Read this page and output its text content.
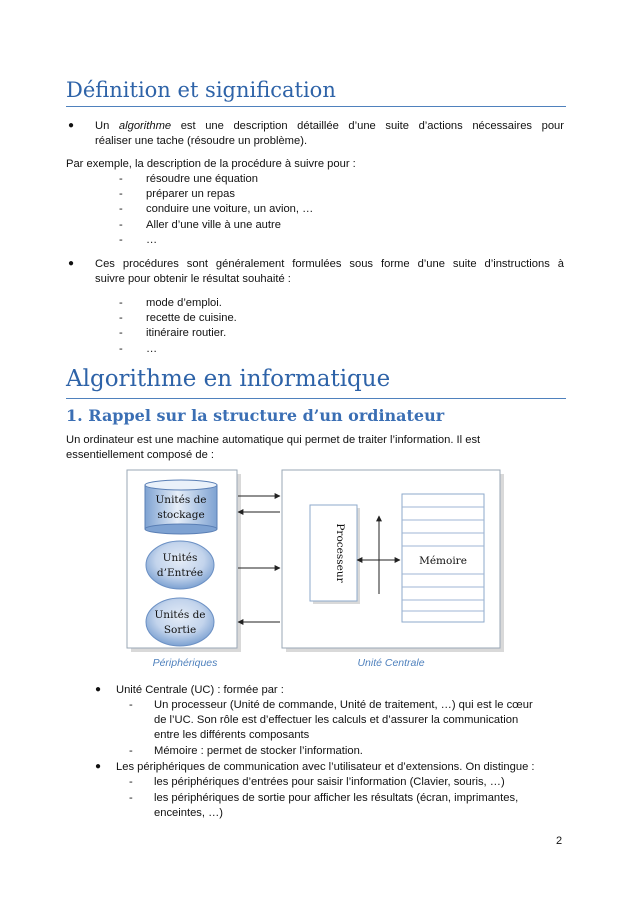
Définition et signification
● Un algorithme est une description détaillée d’une suite d’actions nécessaires pour

réaliser une tache (résoudre un problème).

Par exemple, la description de la procédure à suivre pour :

- résoudre une équation
- préparer un repas
- conduire une voiture, un avion, …
- Aller d’une ville à une autre
- …
● Ces procédures sont généralement formulées sous forme d’une suite d’instructions à

suivre pour obtenir le résultat souhaité :

- mode d’emploi.
- recette de cuisine.
- itinéraire routier.
- …
Algorithme en informatique
1. Rappel sur la structure d’un ordinateur

Un ordinateur est une machine automatique qui permet de traiter l’information. Il est

essentiellement composé de :

Unités de
stockage
Unités
d’Entrée
Unités de
Sortie
Processeur	Mémoire
Périphériques	Unité Centrale
● Unité Centrale (UC) : formée par :

- Un processeur (Unité de commande, Unité de traitement, …) qui est le cœur

de l’UC. Son rôle est d’effectuer les calculs et d’assurer la communication

entre les différents composants

- Mémoire : permet de stocker l’information.

● Les périphériques de communication avec l’utilisateur et d’extensions. On distingue :

- les périphériques d’entrées pour saisir l’information (Clavier, souris, …)

- les périphériques de sortie pour afficher les résultats (écran, imprimantes,

enceintes, …)

2
